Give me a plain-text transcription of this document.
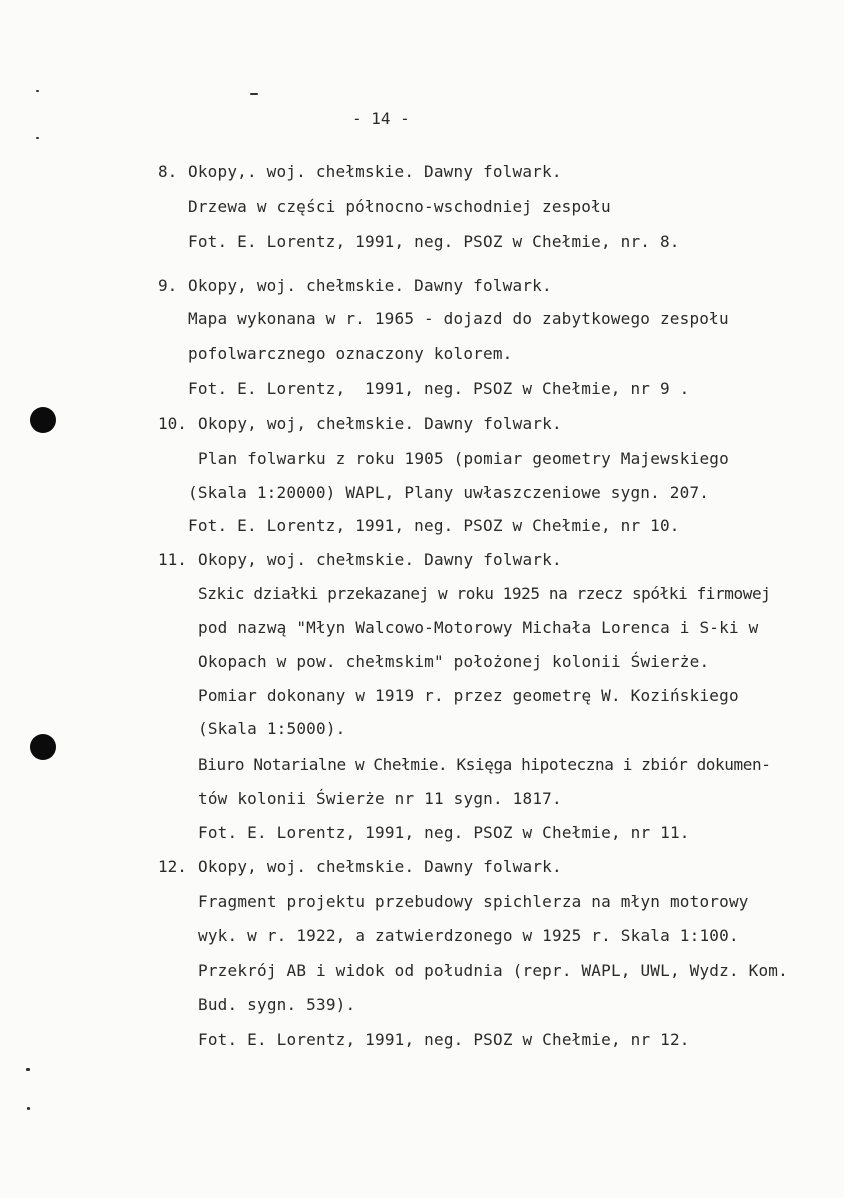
- 14 -
8. Okopy,. woj. chełmskie. Dawny folwark.
Drzewa w części północno-wschodniej zespołu
Fot. E. Lorentz, 1991, neg. PSOZ w Chełmie, nr. 8.
9. Okopy, woj. chełmskie. Dawny folwark.
Mapa wykonana w r. 1965 - dojazd do zabytkowego zespołu
pofolwarcznego oznaczony kolorem.
Fot. E. Lorentz,  1991, neg. PSOZ w Chełmie, nr 9 .
10. Okopy, woj, chełmskie. Dawny folwark.
Plan folwarku z roku 1905 (pomiar geometry Majewskiego
(Skala 1:20000) WAPL, Plany uwłaszczeniowe sygn. 207.
Fot. E. Lorentz, 1991, neg. PSOZ w Chełmie, nr 10.
11. Okopy, woj. chełmskie. Dawny folwark.
Szkic działki przekazanej w roku 1925 na rzecz spółki firmowej
pod nazwą "Młyn Walcowo-Motorowy Michała Lorenca i S-ki w
Okopach w pow. chełmskim" położonej kolonii Świerże.
Pomiar dokonany w 1919 r. przez geometrę W. Kozińskiego
(Skala 1:5000).
Biuro Notarialne w Chełmie. Księga hipoteczna i zbiór dokumen-
tów kolonii Świerże nr 11 sygn. 1817.
Fot. E. Lorentz, 1991, neg. PSOZ w Chełmie, nr 11.
12. Okopy, woj. chełmskie. Dawny folwark.
Fragment projektu przebudowy spichlerza na młyn motorowy
wyk. w r. 1922, a zatwierdzonego w 1925 r. Skala 1:100.
Przekrój AB i widok od południa (repr. WAPL, UWL, Wydz. Kom.
Bud. sygn. 539).
Fot. E. Lorentz, 1991, neg. PSOZ w Chełmie, nr 12.
